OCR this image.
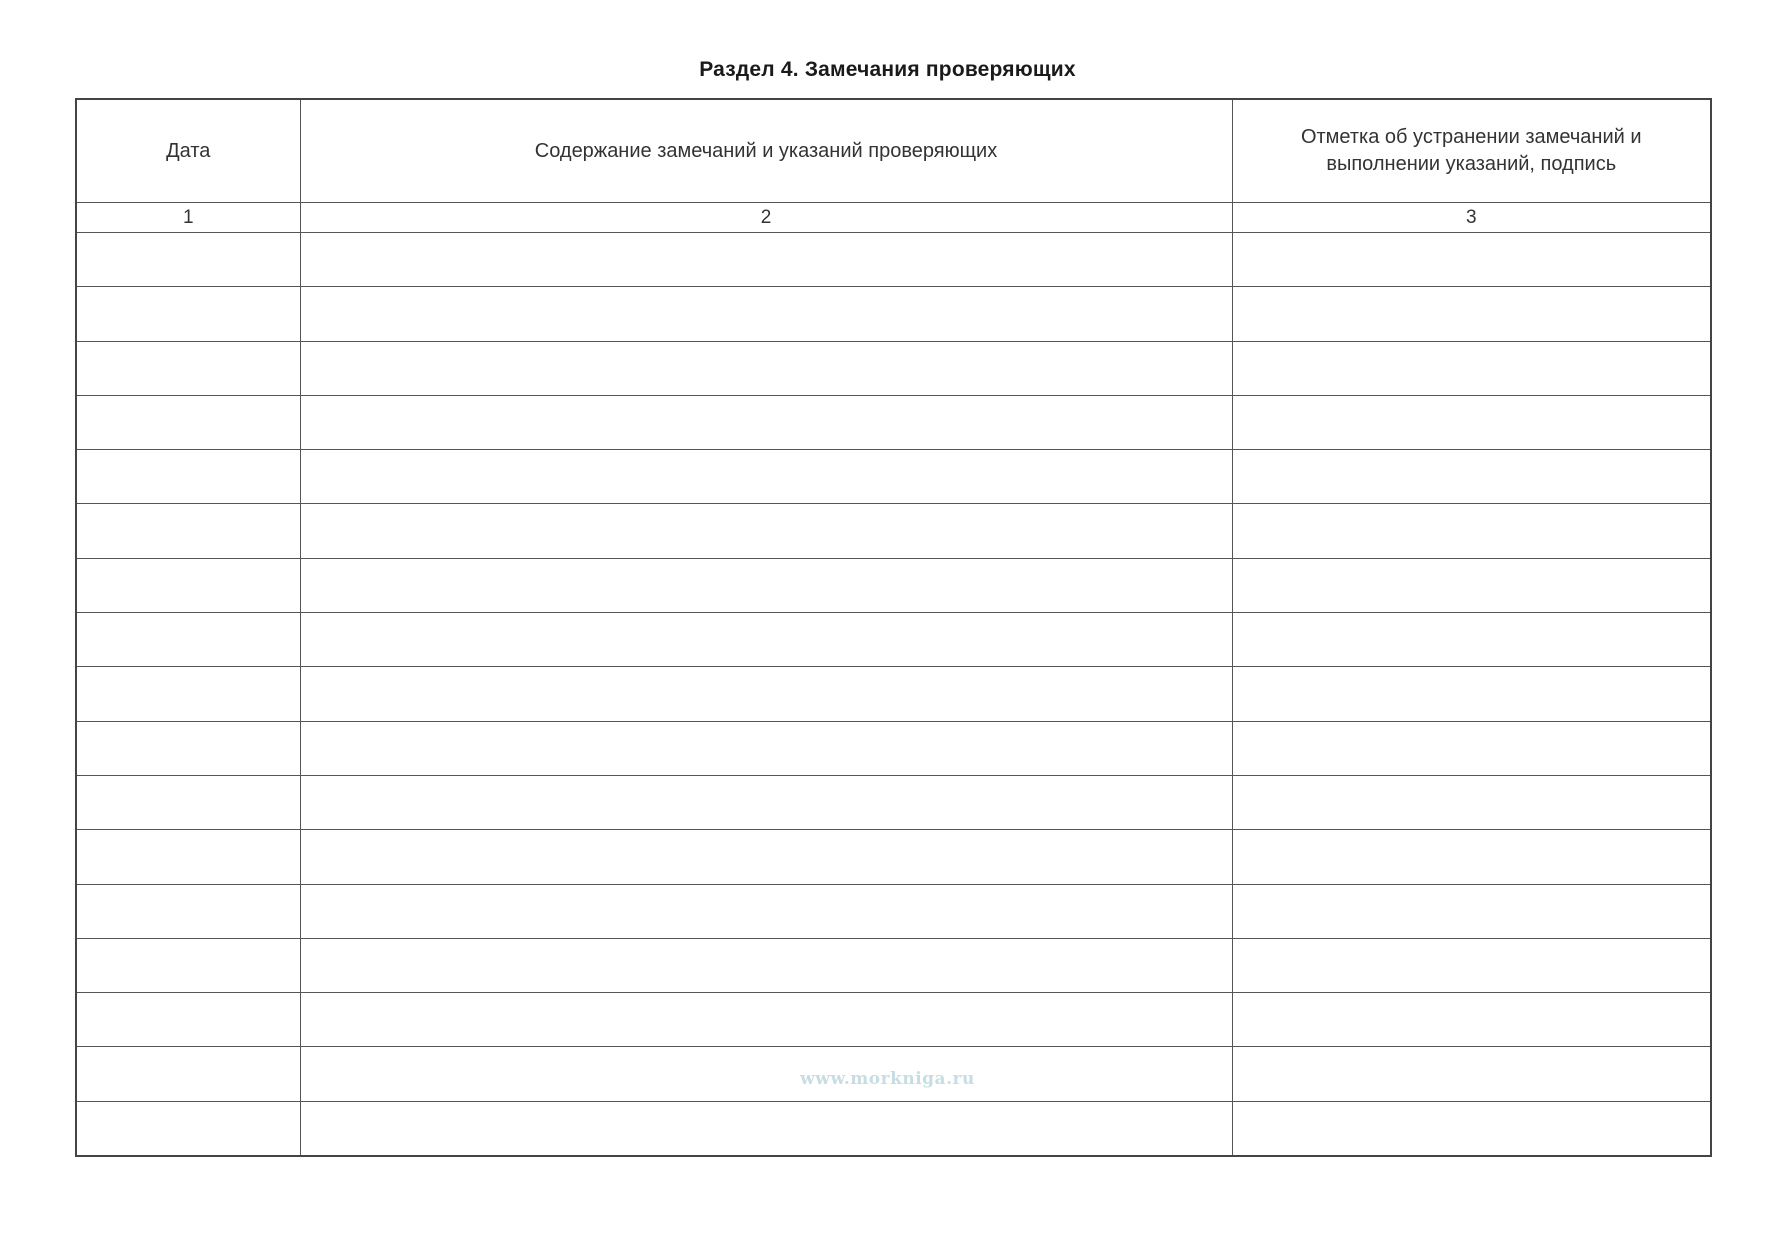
Раздел 4. Замечания проверяющих
Дата	Содержание замечаний и указаний проверяющих	Отметка об устранении замечаний и выполнении указаний, подпись
1	2	3

www.morkniga.ru
